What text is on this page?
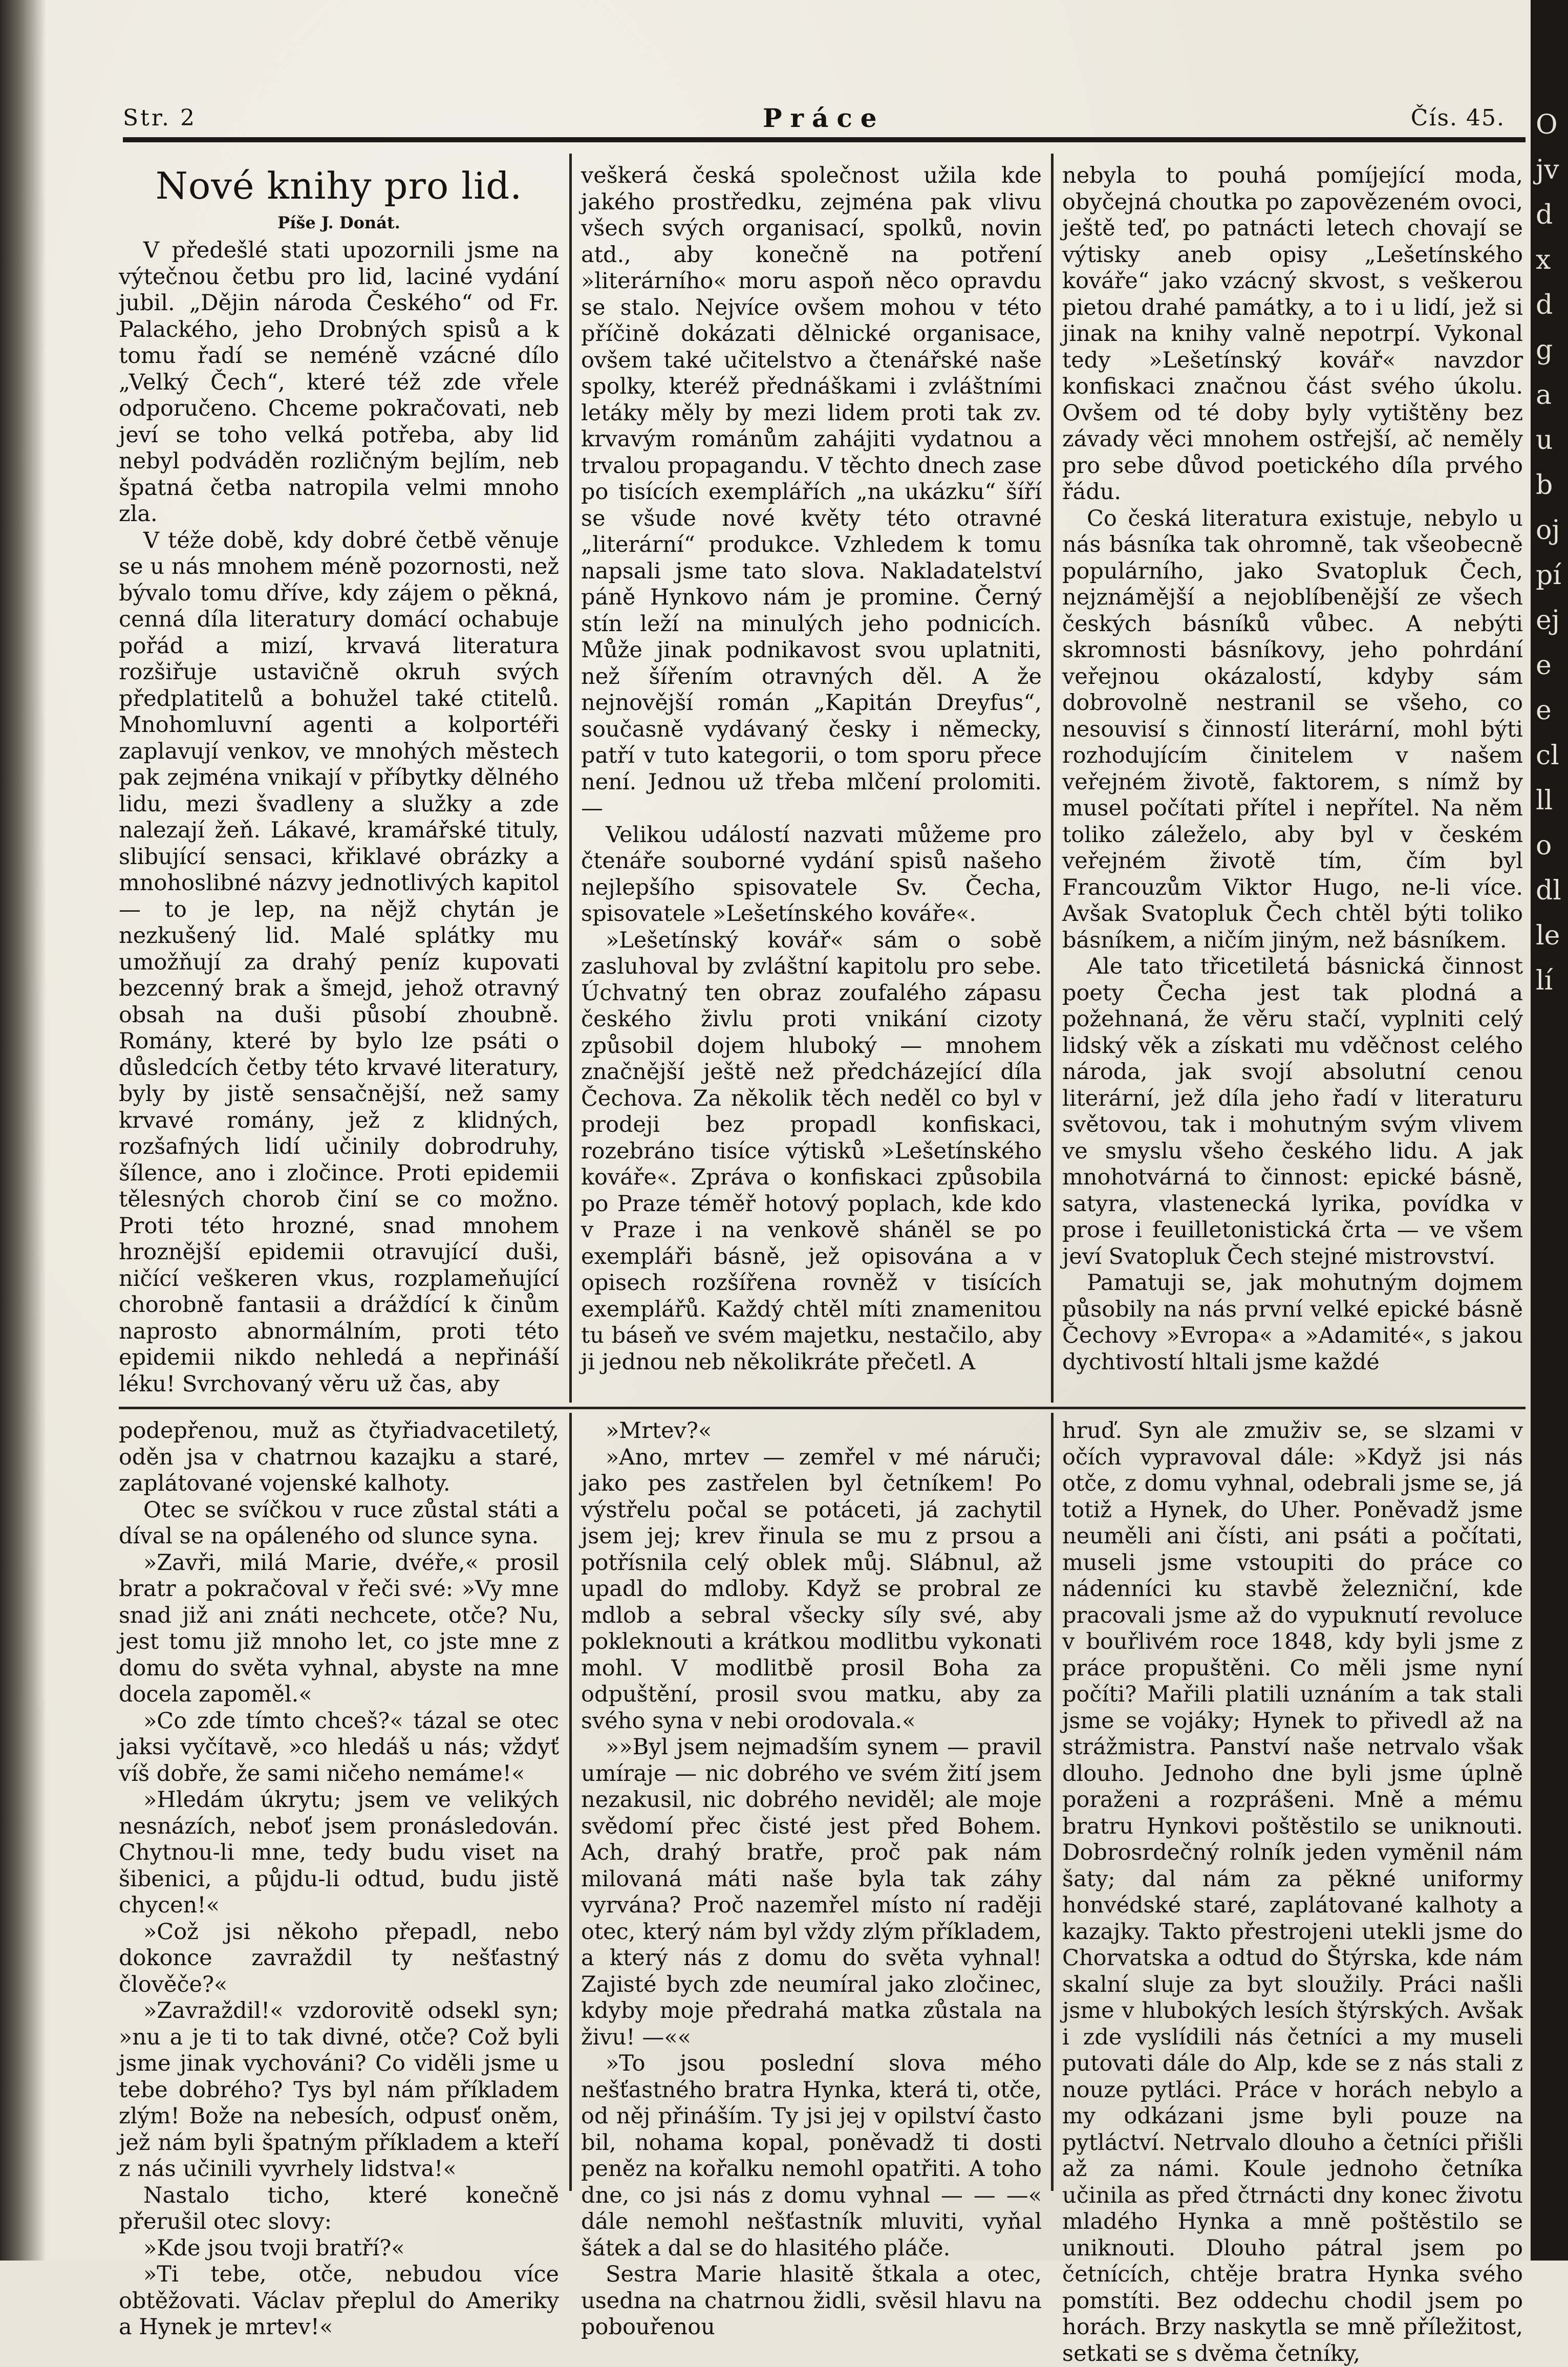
Ojvdxdgaubojpíejeeclllodllelí
Str. 2	Práce	Čís. 45.
Nové knihy pro lid.
Píše J. Donát.

V předešlé stati upozornili jsme na výtečnou četbu pro lid, laciné vydání jubil. „Dějin národa Českého“ od Fr. Palackého, jeho Drobných spisů a k tomu řadí se neméně vzácné dílo „Velký Čech“, které též zde vřele odporučeno. Chceme pokračovati, neb jeví se toho velká potřeba, aby lid nebyl podváděn rozličným bejlím, neb špatná četba natropila velmi mnoho zla.

V téže době, kdy dobré četbě věnuje se u nás mnohem méně pozornosti, než bývalo tomu dříve, kdy zájem o pěkná, cenná díla literatury domácí ochabuje pořád a mizí, krvavá literatura rozšiřuje ustavičně okruh svých předplatitelů a bohužel také ctitelů. Mnohomluvní agenti a kolportéři zaplavují venkov, ve mnohých městech pak zejména vnikají v příbytky dělného lidu, mezi švadleny a služky a zde nalezají žeň. Lákavé, kramářské tituly, slibující sensaci, křiklavé obrázky a mnohoslibné názvy jednotlivých kapitol — to je lep, na nějž chytán je nezkušený lid. Malé splátky mu umožňují za drahý peníz kupovati bezcenný brak a šmejd, jehož otravný obsah na duši působí zhoubně. Romány, které by bylo lze psáti o důsledcích četby této krvavé literatury, byly by jistě sensačnější, než samy krvavé romány, jež z klidných, rozšafných lidí učinily dobrodruhy, šílence, ano i zločince. Proti epidemii tělesných chorob činí se co možno. Proti této hrozné, snad mnohem hroznější epidemii otravující duši, ničící veškeren vkus, rozplameňující chorobně fantasii a dráždící k činům naprosto abnormálním, proti této epidemii nikdo nehledá a nepřináší léku! Svrchovaný věru už čas, aby

veškerá česká společnost užila kde jakého prostředku, zejména pak vlivu všech svých organisací, spolků, novin atd., aby konečně na potření »literárního« moru aspoň něco opravdu se stalo. Nejvíce ovšem mohou v této příčině dokázati dělnické organisace, ovšem také učitelstvo a čtenářské naše spolky, kteréž přednáškami i zvláštními letáky měly by mezi lidem proti tak zv. krvavým románům zahájiti vydatnou a trvalou propagandu. V těchto dnech zase po tisících exemplářích „na ukázku“ šíří se všude nové květy této otravné „literární“ produkce. Vzhledem k tomu napsali jsme tato slova. Nakladatelství páně Hynkovo nám je promine. Černý stín leží na minulých jeho podnicích. Může jinak podnikavost svou uplatniti, než šířením otravných děl. A že nejnovější román „Kapitán Dreyfus“, současně vydávaný česky i německy, patří v tuto kategorii, o tom sporu přece není. Jednou už třeba mlčení prolomiti. —

Velikou událostí nazvati můžeme pro čtenáře souborné vydání spisů našeho nejlepšího spisovatele Sv. Čecha, spisovatele »Lešetínského kováře«.

»Lešetínský kovář« sám o sobě zasluhoval by zvláštní kapitolu pro sebe. Úchvatný ten obraz zoufalého zápasu českého živlu proti vnikání cizoty způsobil dojem hluboký — mnohem značnější ještě než předcházející díla Čechova. Za několik těch neděl co byl v prodeji bez propadl konfiskaci, rozebráno tisíce výtisků »Lešetínského kováře«. Zpráva o konfiskaci způsobila po Praze téměř hotový poplach, kde kdo v Praze i na venkově sháněl se po exempláři básně, jež opisována a v opisech rozšířena rovněž v tisících exemplářů. Každý chtěl míti znamenitou tu báseň ve svém majetku, nestačilo, aby ji jednou neb několikráte přečetl. A

nebyla to pouhá pomíjející moda, obyčejná choutka po zapovězeném ovoci, ještě teď, po patnácti letech chovají se výtisky aneb opisy „Lešetínského kováře“ jako vzácný skvost, s veškerou pietou drahé památky, a to i u lidí, jež si jinak na knihy valně nepotrpí. Vykonal tedy »Lešetínský kovář« navzdor konfiskaci značnou část svého úkolu. Ovšem od té doby byly vytištěny bez závady věci mnohem ostřejší, ač neměly pro sebe důvod poetického díla prvého řádu.

Co česká literatura existuje, nebylo u nás básníka tak ohromně, tak všeobecně populárního, jako Svatopluk Čech, nejznámější a nejoblíbenější ze všech českých básníků vůbec. A nebýti skromnosti básníkovy, jeho pohrdání veřejnou okázalostí, kdyby sám dobrovolně nestranil se všeho, co nesouvisí s činností literární, mohl býti rozhodujícím činitelem v našem veřejném životě, faktorem, s nímž by musel počítati přítel i nepřítel. Na něm toliko záleželo, aby byl v českém veřejném životě tím, čím byl Francouzům Viktor Hugo, ne-li více. Avšak Svatopluk Čech chtěl býti toliko básníkem, a ničím jiným, než básníkem.

Ale tato třicetiletá básnická činnost poety Čecha jest tak plodná a požehnaná, že věru stačí, vyplniti celý lidský věk a získati mu vděčnost celého národa, jak svojí absolutní cenou literární, jež díla jeho řadí v literaturu světovou, tak i mohutným svým vlivem ve smyslu všeho českého lidu. A jak mnohotvárná to činnost: epické básně, satyra, vlastenecká lyrika, povídka v prose i feuilletonistická črta — ve všem jeví Svatopluk Čech stejné mistrovství.

Pamatuji se, jak mohutným dojmem působily na nás první velké epické básně Čechovy »Evropa« a »Adamité«, s jakou dychtivostí hltali jsme každé

podepřenou, muž as čtyřiadvacetiletý, oděn jsa v chatrnou kazajku a staré, zaplátované vojenské kalhoty.

Otec se svíčkou v ruce zůstal státi a díval se na opáleného od slunce syna.

»Zavři, milá Marie, dvéře,« prosil bratr a pokračoval v řeči své: »Vy mne snad již ani znáti nechcete, otče? Nu, jest tomu již mnoho let, co jste mne z domu do světa vyhnal, abyste na mne docela zapoměl.«

»Co zde tímto chceš?« tázal se otec jaksi vyčítavě, »co hledáš u nás; vždyť víš dobře, že sami ničeho nemáme!«

»Hledám úkrytu; jsem ve velikých nesnázích, neboť jsem pronásledován. Chytnou-li mne, tedy budu viset na šibenici, a půjdu-li odtud, budu jistě chycen!«

»Což jsi někoho přepadl, nebo dokonce zavraždil ty nešťastný člověče?«

»Zavraždil!« vzdorovitě odsekl syn; »nu a je ti to tak divné, otče? Což byli jsme jinak vychováni? Co viděli jsme u tebe dobrého? Tys byl nám příkladem zlým! Bože na nebesích, odpusť oněm, jež nám byli špatným příkladem a kteří z nás učinili vyvrhely lidstva!«

Nastalo ticho, které konečně přerušil otec slovy:

»Kde jsou tvoji bratří?«

»Ti tebe, otče, nebudou více obtěžovati. Václav přeplul do Ameriky a Hynek je mrtev!«

»Mrtev?«

»Ano, mrtev — zemřel v mé náruči; jako pes zastřelen byl četníkem! Po výstřelu počal se potáceti, já zachytil jsem jej; krev řinula se mu z prsou a potřísnila celý oblek můj. Slábnul, až upadl do mdloby. Když se probral ze mdlob a sebral všecky síly své, aby pokleknouti a krátkou modlitbu vykonati mohl. V modlitbě prosil Boha za odpuštění, prosil svou matku, aby za svého syna v nebi orodovala.«

»»Byl jsem nejmadším synem — pravil umíraje — nic dobrého ve svém žití jsem nezakusil, nic dobrého neviděl; ale moje svědomí přec čisté jest před Bohem. Ach, drahý bratře, proč pak nám milovaná máti naše byla tak záhy vyrvána? Proč nazemřel místo ní raději otec, který nám byl vždy zlým příkladem, a který nás z domu do světa vyhnal! Zajisté bych zde neumíral jako zločinec, kdyby moje předrahá matka zůstala na živu! —««

»To jsou poslední slova mého nešťastného bratra Hynka, která ti, otče, od něj přináším. Ty jsi jej v opilství často bil, nohama kopal, poněvadž ti dosti peněz na kořalku nemohl opatřiti. A toho dne, co jsi nás z domu vyhnal — — —« dále nemohl nešťastník mluviti, vyňal šátek a dal se do hlasitého pláče.

Sestra Marie hlasitě štkala a otec, usedna na chatrnou židli, svěsil hlavu na pobouřenou

hruď. Syn ale zmuživ se, se slzami v očích vypravoval dále: »Když jsi nás otče, z domu vyhnal, odebrali jsme se, já totiž a Hynek, do Uher. Poněvadž jsme neuměli ani čísti, ani psáti a počítati, museli jsme vstoupiti do práce co nádenníci ku stavbě železniční, kde pracovali jsme až do vypuknutí revoluce v bouřlivém roce 1848, kdy byli jsme z práce propuštěni. Co měli jsme nyní počíti? Mařili platili uznáním a tak stali jsme se vojáky; Hynek to přivedl až na strážmistra. Panství naše netrvalo však dlouho. Jednoho dne byli jsme úplně poraženi a rozprášeni. Mně a mému bratru Hynkovi poštěstilo se uniknouti. Dobrosrdečný rolník jeden vyměnil nám šaty; dal nám za pěkné uniformy honvédské staré, zaplátované kalhoty a kazajky. Takto přestrojeni utekli jsme do Chorvatska a odtud do Štýrska, kde nám skalní sluje za byt sloužily. Práci našli jsme v hlubokých lesích štýrských. Avšak i zde vyslídili nás četníci a my museli putovati dále do Alp, kde se z nás stali z nouze pytláci. Práce v horách nebylo a my odkázani jsme byli pouze na pytláctví. Netrvalo dlouho a četníci přišli až za námi. Koule jednoho četníka učinila as před čtrnácti dny konec životu mladého Hynka a mně poštěstilo se uniknouti. Dlouho pátral jsem po četnících, chtěje bratra Hynka svého pomstíti. Bez oddechu chodil jsem po horách. Brzy naskytla se mně příležitost, setkati se s dvěma četníky,
